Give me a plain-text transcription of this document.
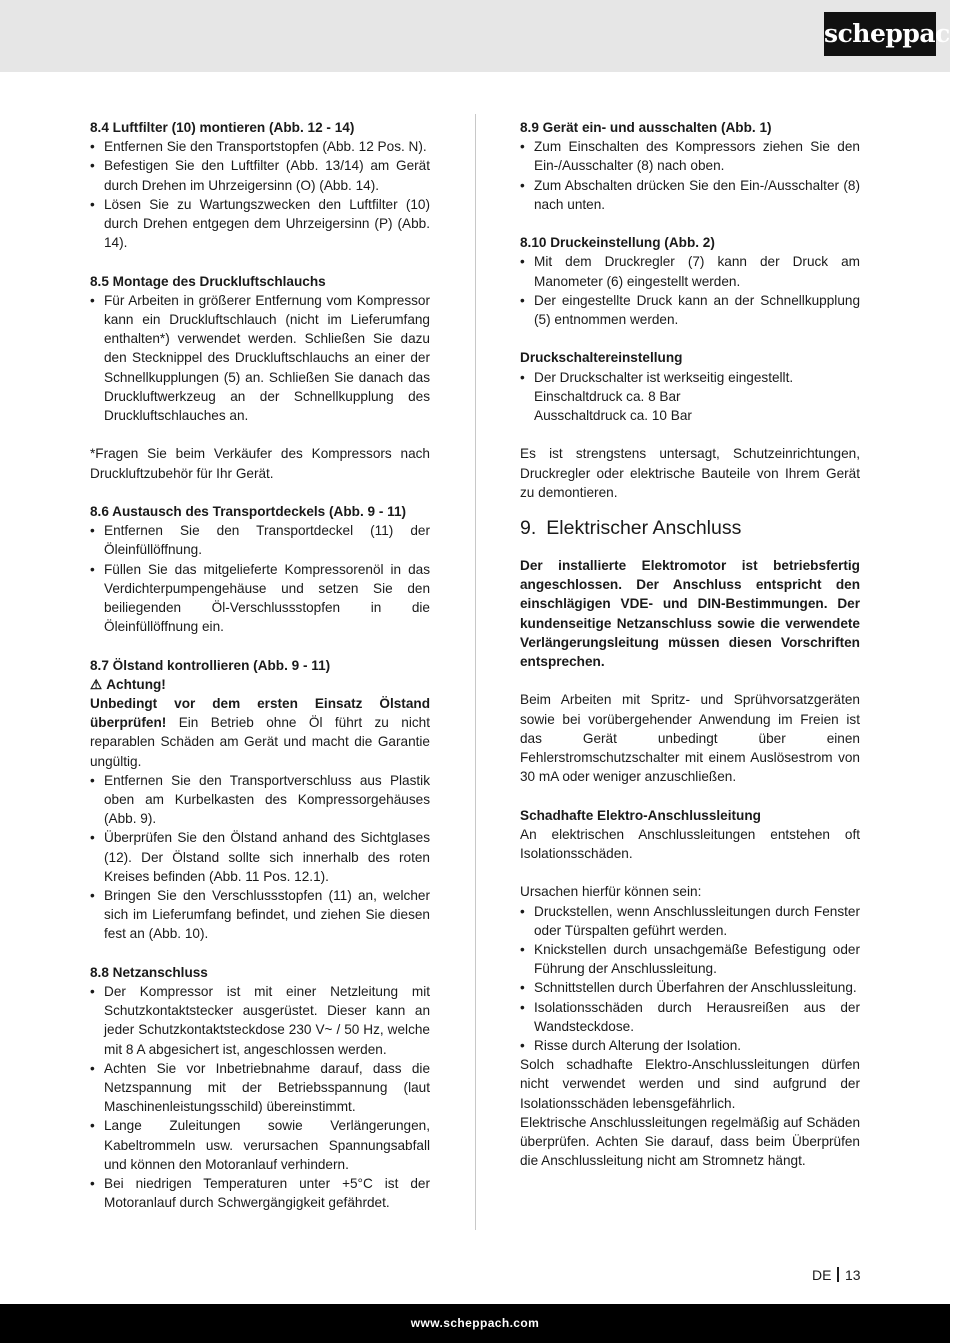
scheppach
8.4 Luftfilter (10) montieren (Abb. 12 - 14)
• Entfernen Sie den Transportstopfen (Abb. 12 Pos. N).
• Befestigen Sie den Luftfilter (Abb. 13/14) am Gerät durch Drehen im Uhrzeigersinn (O) (Abb. 14).
• Lösen Sie zu Wartungszwecken den Luftfilter (10) durch Drehen entgegen dem Uhrzeigersinn (P) (Abb. 14).
8.5 Montage des Druckluftschlauchs
• Für Arbeiten in größerer Entfernung vom Kompressor kann ein Druckluftschlauch (nicht im Lieferumfang enthalten*) verwendet werden. Schließen Sie dazu den Stecknippel des Druckluftschlauchs an einer der Schnellkupplungen (5) an. Schließen Sie danach das Druckluftwerkzeug an der Schnellkupplung des Druckluftschlauches an.
*Fragen Sie beim Verkäufer des Kompressors nach Druckluftzubehör für Ihr Gerät.
8.6 Austausch des Transportdeckels (Abb. 9 - 11)
• Entfernen Sie den Transportdeckel (11) der Öleinfüllöffnung.
• Füllen Sie das mitgelieferte Kompressorenöl in das Verdichterpumpengehäuse und setzen Sie den beiliegenden Öl-Verschlussstopfen in die Öleinfüllöffnung ein.
8.7 Ölstand kontrollieren (Abb. 9 - 11)
⚠ Achtung!
Unbedingt vor dem ersten Einsatz Ölstand überprüfen! Ein Betrieb ohne Öl führt zu nicht reparablen Schäden am Gerät und macht die Garantie ungültig.
• Entfernen Sie den Transportverschluss aus Plastik oben am Kurbelkasten des Kompressorgehäuses (Abb. 9).
• Überprüfen Sie den Ölstand anhand des Sichtglases (12). Der Ölstand sollte sich innerhalb des roten Kreises befinden (Abb. 11 Pos. 12.1).
• Bringen Sie den Verschlussstopfen (11) an, welcher sich im Lieferumfang befindet, und ziehen Sie diesen fest an (Abb. 10).
8.8 Netzanschluss
• Der Kompressor ist mit einer Netzleitung mit Schutzkontaktstecker ausgerüstet. Dieser kann an jeder Schutzkontaktsteckdose 230 V~ / 50 Hz, welche mit 8 A abgesichert ist, angeschlossen werden.
• Achten Sie vor Inbetriebnahme darauf, dass die Netzspannung mit der Betriebsspannung (laut Maschinenleistungsschild) übereinstimmt.
• Lange Zuleitungen sowie Verlängerungen, Kabeltrommeln usw. verursachen Spannungsabfall und können den Motoranlauf verhindern.
• Bei niedrigen Temperaturen unter +5°C ist der Motoranlauf durch Schwergängigkeit gefährdet.
8.9 Gerät ein- und ausschalten (Abb. 1)
• Zum Einschalten des Kompressors ziehen Sie den Ein-/Ausschalter (8) nach oben.
• Zum Abschalten drücken Sie den Ein-/Ausschalter (8) nach unten.
8.10 Druckeinstellung (Abb. 2)
• Mit dem Druckregler (7) kann der Druck am Manometer (6) eingestellt werden.
• Der eingestellte Druck kann an der Schnellkupplung (5) entnommen werden.
Druckschaltereinstellung
• Der Druckschalter ist werkseitig eingestellt.
Einschaltdruck ca. 8 Bar
Ausschaltdruck ca. 10 Bar
Es ist strengstens untersagt, Schutzeinrichtungen, Druckregler oder elektrische Bauteile von Ihrem Gerät zu demontieren.
9. Elektrischer Anschluss
Der installierte Elektromotor ist betriebsfertig angeschlossen. Der Anschluss entspricht den einschlägigen VDE- und DIN-Bestimmungen. Der kundenseitige Netzanschluss sowie die verwendete Verlängerungsleitung müssen diesen Vorschriften entsprechen.
Beim Arbeiten mit Spritz- und Sprühvorsatzgeräten sowie bei vorübergehender Anwendung im Freien ist das Gerät unbedingt über einen Fehlerstromschutzschalter mit einem Auslösestrom von 30 mA oder weniger anzuschließen.
Schadhafte Elektro-Anschlussleitung
An elektrischen Anschlussleitungen entstehen oft Isolationsschäden.
Ursachen hierfür können sein:
• Druckstellen, wenn Anschlussleitungen durch Fenster oder Türspalten geführt werden.
• Knickstellen durch unsachgemäße Befestigung oder Führung der Anschlussleitung.
• Schnittstellen durch Überfahren der Anschlussleitung.
• Isolationsschäden durch Herausreißen aus der Wandsteckdose.
• Risse durch Alterung der Isolation.
Solch schadhafte Elektro-Anschlussleitungen dürfen nicht verwendet werden und sind aufgrund der Isolationsschäden lebensgefährlich.
Elektrische Anschlussleitungen regelmäßig auf Schäden überprüfen. Achten Sie darauf, dass beim Überprüfen die Anschlussleitung nicht am Stromnetz hängt.
DE 13
www.scheppach.com
